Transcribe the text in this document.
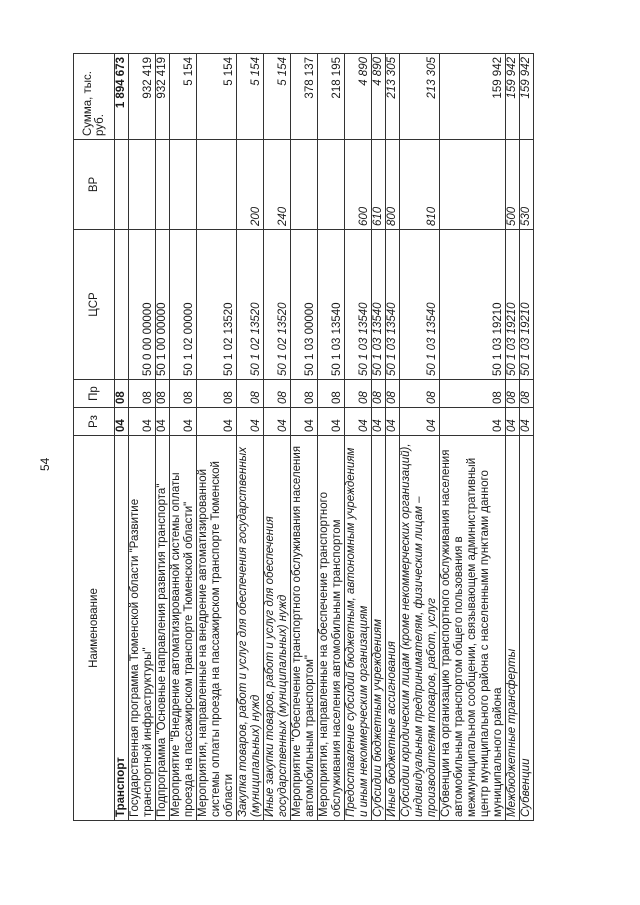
54
Наименование	Рз	Пр	ЦСР	ВР	Сумма, тыс. руб.
Транспорт	04	08			1 894 673
Государственная программа Тюменской области "Развитие транспортной инфраструктуры"	04	08	50 0 00 00000		932 419
Подпрограмма "Основные направления развития транспорта"	04	08	50 1 00 00000		932 419
Мероприятие "Внедрение автоматизированной системы оплаты проезда на пассажирском транспорте Тюменской области"	04	08	50 1 02 00000		5 154
Мероприятия, направленные на внедрение автоматизированной системы оплаты проезда на пассажирском транспорте Тюменской области	04	08	50 1 02 13520		5 154
Закупка товаров, работ и услуг для обеспечения государственных (муниципальных) нужд	04	08	50 1 02 13520	200	5 154
Иные закупки товаров, работ и услуг для обеспечения государственных (муниципальных) нужд	04	08	50 1 02 13520	240	5 154
Мероприятие "Обеспечение транспортного обслуживания населения автомобильным транспортом"	04	08	50 1 03 00000		378 137
Мероприятия, направленные на обеспечение транспортного обслуживания населения автомобильным транспортом	04	08	50 1 03 13540		218 195
Предоставление субсидий бюджетным, автономным учреждениям и иным некоммерческим организациям	04	08	50 1 03 13540	600	4 890
Субсидии бюджетным учреждениям	04	08	50 1 03 13540	610	4 890
Иные бюджетные ассигнования	04	08	50 1 03 13540	800	213 305
Субсидии юридическим лицам (кроме некоммерческих организаций), индивидуальным предпринимателям, физическим лицам – производителям товаров, работ, услуг	04	08	50 1 03 13540	810	213 305
Субвенции на организацию транспортного обслуживания населения автомобильным транспортом общего пользования в межмуниципальном сообщении, связывающем административный центр муниципального района с населенными пунктами данного муниципального района	04	08	50 1 03 19210		159 942
Межбюджетные трансферты	04	08	50 1 03 19210	500	159 942
Субвенции	04	08	50 1 03 19210	530	159 942
